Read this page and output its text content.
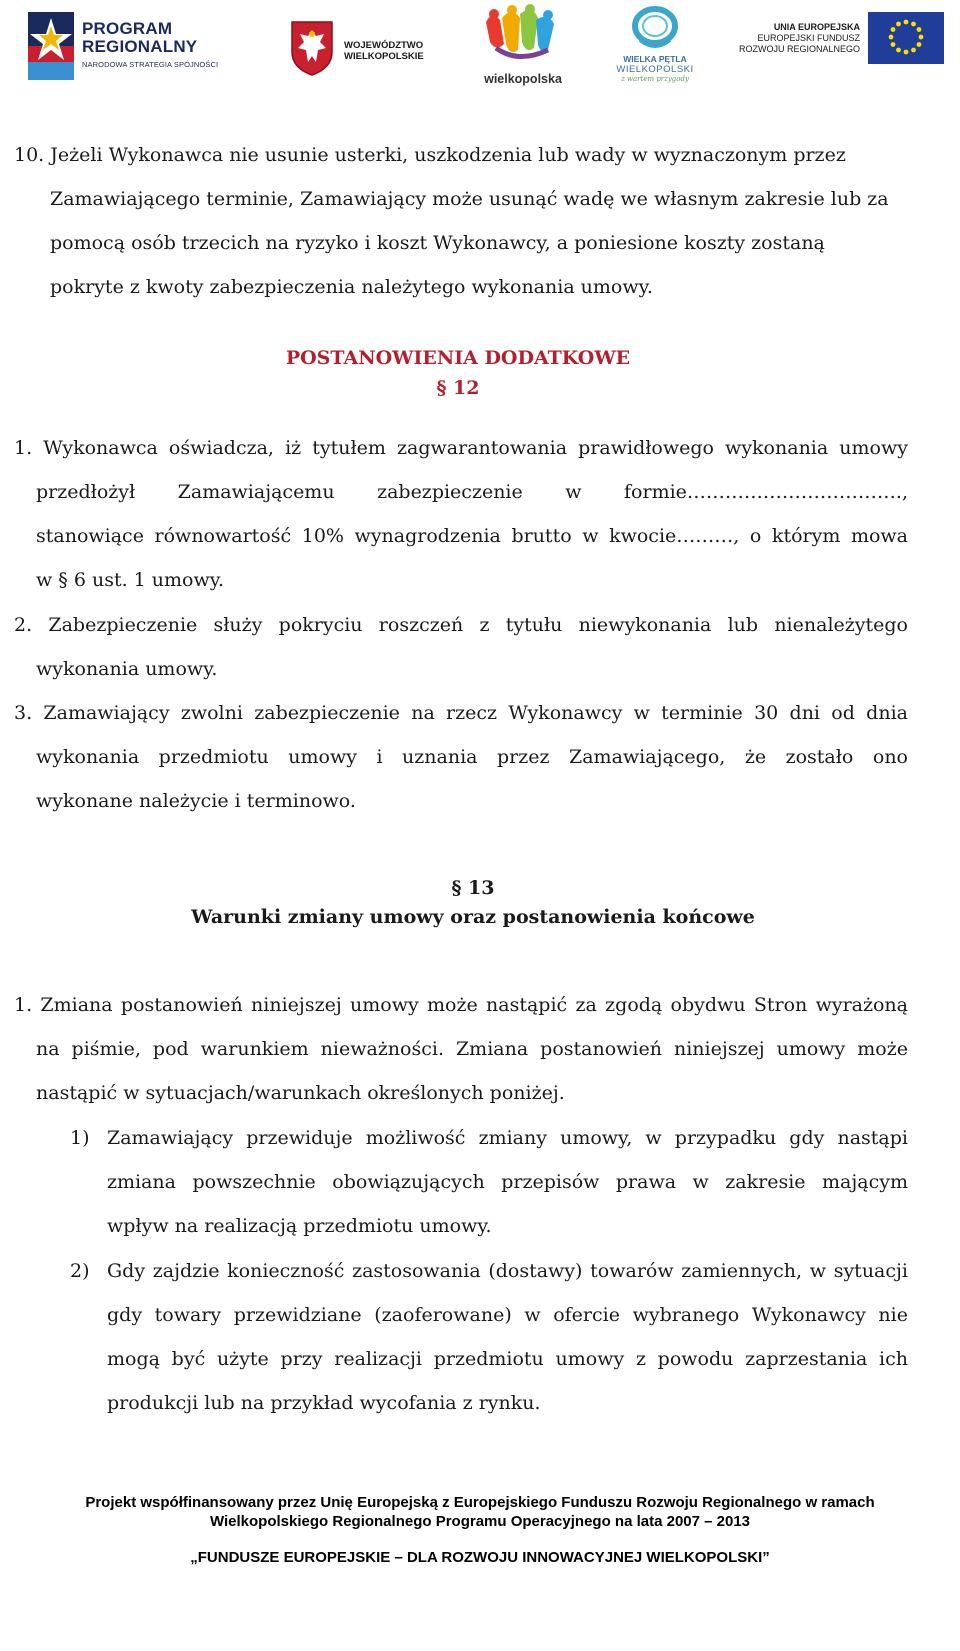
PROGRAM
REGIONALNY
NARODOWA STRATEGIA SPÓJNOŚCI
WOJEWÓDZTWO
WIELKOPOLSKIE
wielkopolska
WIELKA PĘTLA
WIELKOPOLSKI
z wartem przygody
UNIA EUROPEJSKA
EUROPEJSKI FUNDUSZ
ROZWOJU REGIONALNEGO
10. Jeżeli Wykonawca nie usunie usterki, uszkodzenia lub wady w wyznaczonym przez
Zamawiającego terminie, Zamawiający może usunąć wadę we własnym zakresie lub za
pomocą osób trzecich na ryzyko i koszt Wykonawcy, a poniesione koszty zostaną
pokryte z kwoty zabezpieczenia należytego wykonania umowy.
POSTANOWIENIA DODATKOWE
§ 12
1. Wykonawca oświadcza, iż tytułem zagwarantowania prawidłowego wykonania umowy
przedłożył Zamawiającemu zabezpieczenie w formie…………………………….,
stanowiące równowartość 10% wynagrodzenia brutto w kwocie………, o którym mowa
w § 6 ust. 1 umowy.
2. Zabezpieczenie służy pokryciu roszczeń z tytułu niewykonania lub nienależytego
wykonania umowy.
3. Zamawiający zwolni zabezpieczenie na rzecz Wykonawcy w terminie 30 dni od dnia
wykonania przedmiotu umowy i uznania przez Zamawiającego, że zostało ono
wykonane należycie i terminowo.
§ 13
Warunki zmiany umowy oraz postanowienia końcowe
1. Zmiana postanowień niniejszej umowy może nastąpić za zgodą obydwu Stron wyrażoną
na piśmie, pod warunkiem nieważności. Zmiana postanowień niniejszej umowy może
nastąpić w sytuacjach/warunkach określonych poniżej.
1) Zamawiający przewiduje możliwość zmiany umowy, w przypadku gdy nastąpi
zmiana powszechnie obowiązujących przepisów prawa w zakresie mającym
wpływ na realizacją przedmiotu umowy.
2) Gdy zajdzie konieczność zastosowania (dostawy) towarów zamiennych, w sytuacji
gdy towary przewidziane (zaoferowane) w ofercie wybranego Wykonawcy nie
mogą być użyte przy realizacji przedmiotu umowy z powodu zaprzestania ich
produkcji lub na przykład wycofania z rynku.
Projekt współfinansowany przez Unię Europejską z Europejskiego Funduszu Rozwoju Regionalnego w ramach
Wielkopolskiego Regionalnego Programu Operacyjnego na lata 2007 – 2013
„FUNDUSZE EUROPEJSKIE – DLA ROZWOJU INNOWACYJNEJ WIELKOPOLSKI”
